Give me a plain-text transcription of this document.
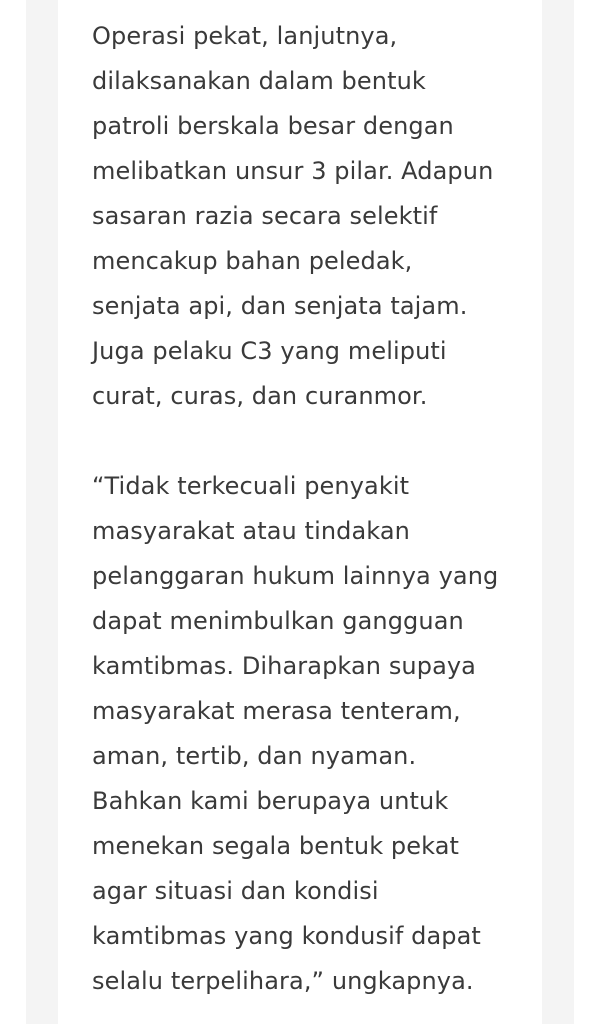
Operasi pekat, lanjutnya,
dilaksanakan dalam bentuk
patroli berskala besar dengan
melibatkan unsur 3 pilar. Adapun
sasaran razia secara selektif
mencakup bahan peledak,
senjata api, dan senjata tajam.
Juga pelaku C3 yang meliputi
curat, curas, dan curanmor.

“Tidak terkecuali penyakit
masyarakat atau tindakan
pelanggaran hukum lainnya yang
dapat menimbulkan gangguan
kamtibmas. Diharapkan supaya
masyarakat merasa tenteram,
aman, tertib, dan nyaman.
Bahkan kami berupaya untuk
menekan segala bentuk pekat
agar situasi dan kondisi
kamtibmas yang kondusif dapat
selalu terpelihara,” ungkapnya.
